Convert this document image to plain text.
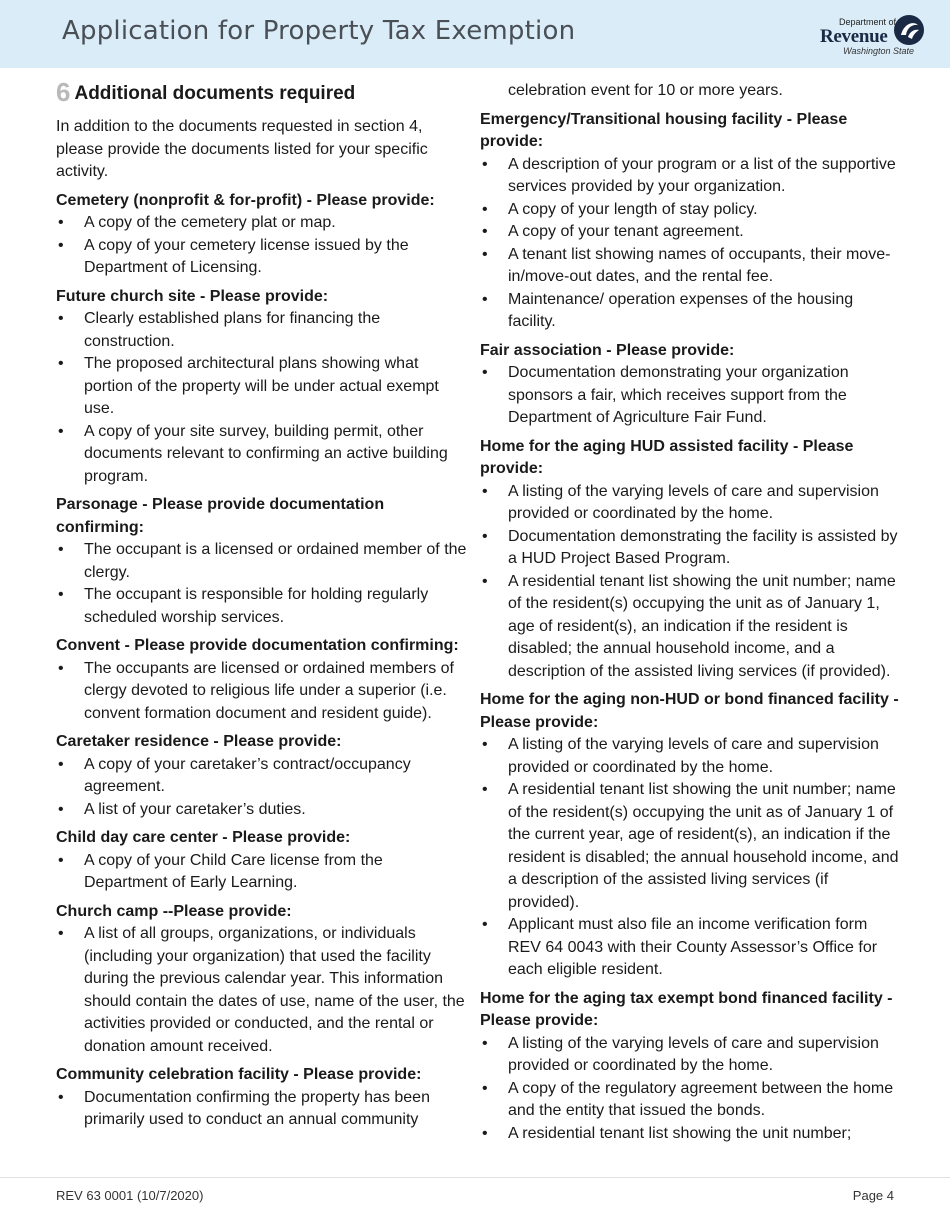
Application for Property Tax Exemption	Department of
Revenue
Washington State
6 Additional documents required

In addition to the documents requested in section 4, please provide the documents listed for your specific activity.

Cemetery (nonprofit & for-profit) - Please provide:

• A copy of the cemetery plat or map.
• A copy of your cemetery license issued by the Department of Licensing.

Future church site - Please provide:

• Clearly established plans for financing the construction.
• The proposed architectural plans showing what portion of the property will be under actual exempt use.
• A copy of your site survey, building permit, other documents relevant to confirming an active building program.

Parsonage - Please provide documentation confirming:

• The occupant is a licensed or ordained member of the clergy.
• The occupant is responsible for holding regularly scheduled worship services.

Convent - Please provide documentation confirming:

• The occupants are licensed or ordained members of clergy devoted to religious life under a superior (i.e. convent formation document and resident guide).

Caretaker residence - Please provide:

• A copy of your caretaker’s contract/occupancy agreement.
• A list of your caretaker’s duties.

Child day care center - Please provide:

• A copy of your Child Care license from the Department of Early Learning.

Church camp --Please provide:

• A list of all groups, organizations, or individuals (including your organization) that used the facility during the previous calendar year. This information should contain the dates of use, name of the user, the activities provided or conducted, and the rental or donation amount received.

Community celebration facility - Please provide:

• Documentation confirming the property has been primarily used to conduct an annual community

celebration event for 10 or more years.

Emergency/Transitional housing facility - Please provide:

• A description of your program or a list of the supportive services provided by your organization.
• A copy of your length of stay policy.
• A copy of your tenant agreement.
• A tenant list showing names of occupants, their move- in/move-out dates, and the rental fee.
• Maintenance/ operation expenses of the housing facility.

Fair association - Please provide:

• Documentation demonstrating your organization sponsors a fair, which receives support from the Department of Agriculture Fair Fund.

Home for the aging HUD assisted facility - Please provide:

• A listing of the varying levels of care and supervision provided or coordinated by the home.
• Documentation demonstrating the facility is assisted by a HUD Project Based Program.
• A residential tenant list showing the unit number; name of the resident(s) occupying the unit as of January 1, age of resident(s), an indication if the resident is disabled; the annual household income, and a description of the assisted living services (if provided).

Home for the aging non-HUD or bond financed facility - Please provide:

• A listing of the varying levels of care and supervision provided or coordinated by the home.
• A residential tenant list showing the unit number; name of the resident(s) occupying the unit as of January 1 of the current year, age of resident(s), an indication if the resident is disabled; the annual household income, and a description of the assisted living services (if provided).
• Applicant must also file an income verification form REV 64 0043 with their County Assessor’s Office for each eligible resident.

Home for the aging tax exempt bond financed facility - Please provide:

• A listing of the varying levels of care and supervision provided or coordinated by the home.
• A copy of the regulatory agreement between the home and the entity that issued the bonds.
• A residential tenant list showing the unit number;
REV 63 0001 (10/7/2020)	Page 4
